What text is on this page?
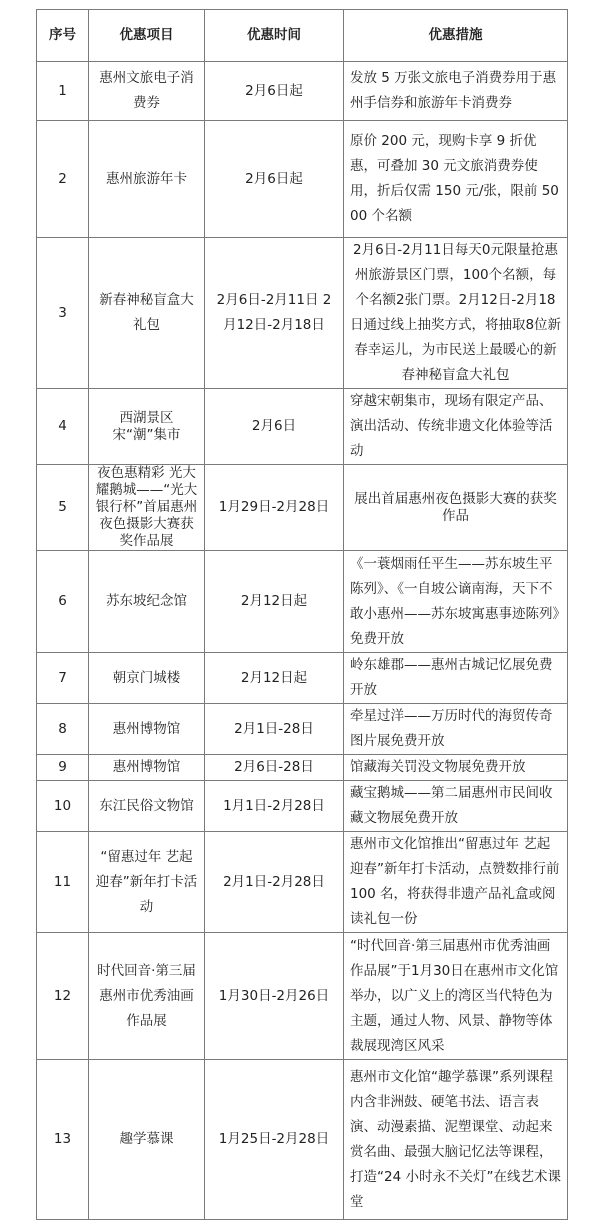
序号	优惠项目	优惠时间	优惠措施
1	惠州文旅电子消费券	2月6日起	发放 5 万张文旅电子消费券用于惠州手信券和旅游年卡消费券
2	惠州旅游年卡	2月6日起	原价 200 元，现购卡享 9 折优惠，可叠加 30 元文旅消费券使用，折后仅需 150 元/张，限前 5000 个名额
3	新春神秘盲盒大礼包	2月6日-2月11日 2月12日-2月18日	2月6日-2月11日每天0元限量抢惠州旅游景区门票，100个名额，每个名额2张门票。2月12日-2月18日通过线上抽奖方式，将抽取8位新春幸运儿，为市民送上最暖心的新春神秘盲盒大礼包
4	西湖景区宋“潮”集市	2月6日	穿越宋朝集市，现场有限定产品、演出活动、传统非遗文化体验等活动
5	夜色惠精彩 光大耀鹅城——“光大银行杯”首届惠州夜色摄影大赛获奖作品展	1月29日-2月28日	展出首届惠州夜色摄影大赛的获奖作品
6	苏东坡纪念馆	2月12日起	《一蓑烟雨任平生——苏东坡生平陈列》、《一自坡公谪南海，天下不敢小惠州——苏东坡寓惠事迹陈列》免费开放
7	朝京门城楼	2月12日起	岭东雄郡——惠州古城记忆展免费开放
8	惠州博物馆	2月1日-28日	牵星过洋——万历时代的海贸传奇图片展免费开放
9	惠州博物馆	2月6日-28日	馆藏海关罚没文物展免费开放
10	东江民俗文物馆	1月1日-2月28日	藏宝鹅城——第二届惠州市民间收藏文物展免费开放
11	“留惠过年 艺起迎春”新年打卡活动	2月1日-2月28日	惠州市文化馆推出“留惠过年 艺起迎春”新年打卡活动，点赞数排行前 100 名，将获得非遗产品礼盒或阅读礼包一份
12	时代回音·第三届惠州市优秀油画作品展	1月30日-2月26日	“时代回音·第三届惠州市优秀油画作品展”于1月30日在惠州市文化馆举办，以广义上的湾区当代特色为主题，通过人物、风景、静物等体裁展现湾区风采
13	趣学慕课	1月25日-2月28日	惠州市文化馆“趣学慕课”系列课程内含非洲鼓、硬笔书法、语言表演、动漫素描、泥塑课堂、动起来赏名曲、最强大脑记忆法等课程，打造“24 小时永不关灯”在线艺术课堂
